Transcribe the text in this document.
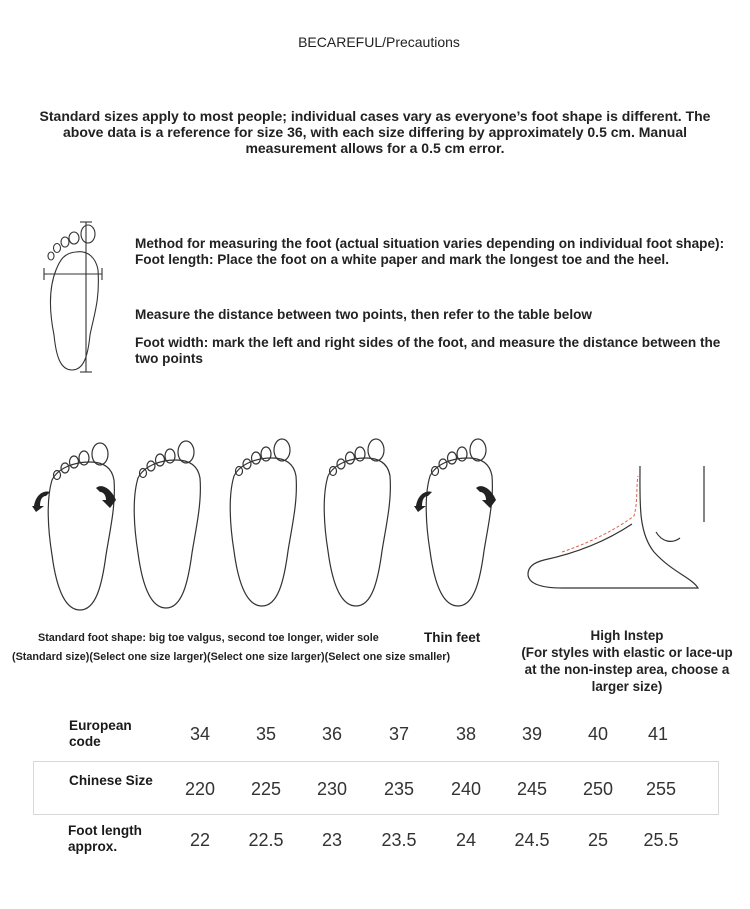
BECAREFUL/Precautions
Standard sizes apply to most people; individual cases vary as everyone’s foot shape is different. The above data is a reference for size 36, with each size differing by approximately 0.5 cm. Manual measurement allows for a 0.5 cm error.
Method for measuring the foot (actual situation varies depending on individual foot shape): Foot length: Place the foot on a white paper and mark the longest toe and the heel.
Measure the distance between two points, then refer to the table below
Foot width: mark the left and right sides of the foot, and measure the distance between the two points
Standard foot shape: big toe valgus, second toe longer, wider sole
(Standard size)(Select one size larger)(Select one size larger)(Select one size smaller)
Thin feet	High Instep
(For styles with elastic or lace-up at the non-instep area, choose a larger size)
European code	34	35	36	37	38	39	40	41
Chinese Size	220	225	230	235	240	245	250	255
Foot length approx.	22	22.5	23	23.5	24	24.5	25	25.5
